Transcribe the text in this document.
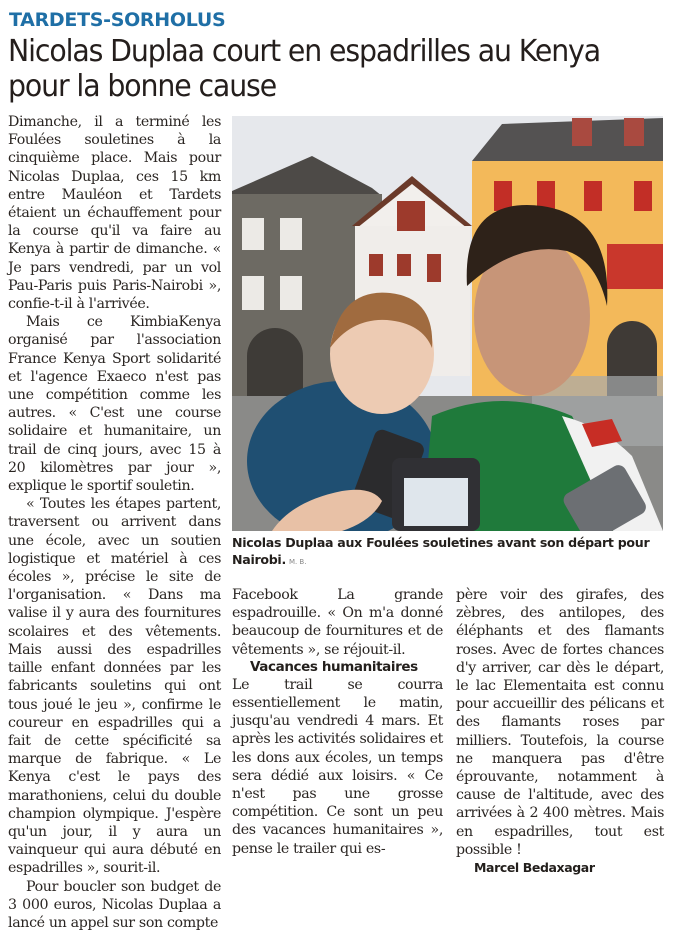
TARDETS-SORHOLUS
Nicolas Duplaa court en espadrilles au Kenya pour la bonne cause

Dimanche, il a terminé les Foulées souletines à la cinquième place. Mais pour Nicolas Duplaa, ces 15 km entre Mauléon et Tardets étaient un échauffement pour la course qu'il va faire au Kenya à partir de dimanche. « Je pars vendredi, par un vol Pau-Paris puis Paris-Nairobi », confie-t-il à l'arrivée.

Mais ce KimbiaKenya organisé par l'association France Kenya Sport solidarité et l'agence Exaeco n'est pas une compétition comme les autres. « C'est une course solidaire et humanitaire, un trail de cinq jours, avec 15 à 20 kilomètres par jour », explique le sportif souletin.

« Toutes les étapes partent, traversent ou arrivent dans une école, avec un soutien logistique et matériel à ces écoles », précise le site de l'organisation. « Dans ma valise il y aura des fournitures scolaires et des vêtements. Mais aussi des espadrilles taille enfant données par les fabricants souletins qui ont tous joué le jeu », confirme le coureur en espadrilles qui a fait de cette spécificité sa marque de fabrique. « Le Kenya c'est le pays des marathoniens, celui du double champion olympique. J'espère qu'un jour, il y aura un vainqueur qui aura débuté en espadrilles », sourit-il.

Pour boucler son budget de 3 000 euros, Nicolas Duplaa a lancé un appel sur son compte

Nicolas Duplaa aux Foulées souletines avant son départ pour Nairobi. M. B.

Facebook La grande espadrouille. « On m'a donné beaucoup de fournitures et de vêtements », se réjouit-il.

Vacances humanitaires

Le trail se courra essentiellement le matin, jusqu'au vendredi 4 mars. Et après les activités solidaires et les dons aux écoles, un temps sera dédié aux loisirs. « Ce n'est pas une grosse compétition. Ce sont un peu des vacances humanitaires », pense le trailer qui es-

père voir des girafes, des zèbres, des antilopes, des éléphants et des flamants roses. Avec de fortes chances d'y arriver, car dès le départ, le lac Elementaita est connu pour accueillir des pélicans et des flamants roses par milliers. Toutefois, la course ne manquera pas d'être éprouvante, notamment à cause de l'altitude, avec des arrivées à 2 400 mètres. Mais en espadrilles, tout est possible !

Marcel Bedaxagar
